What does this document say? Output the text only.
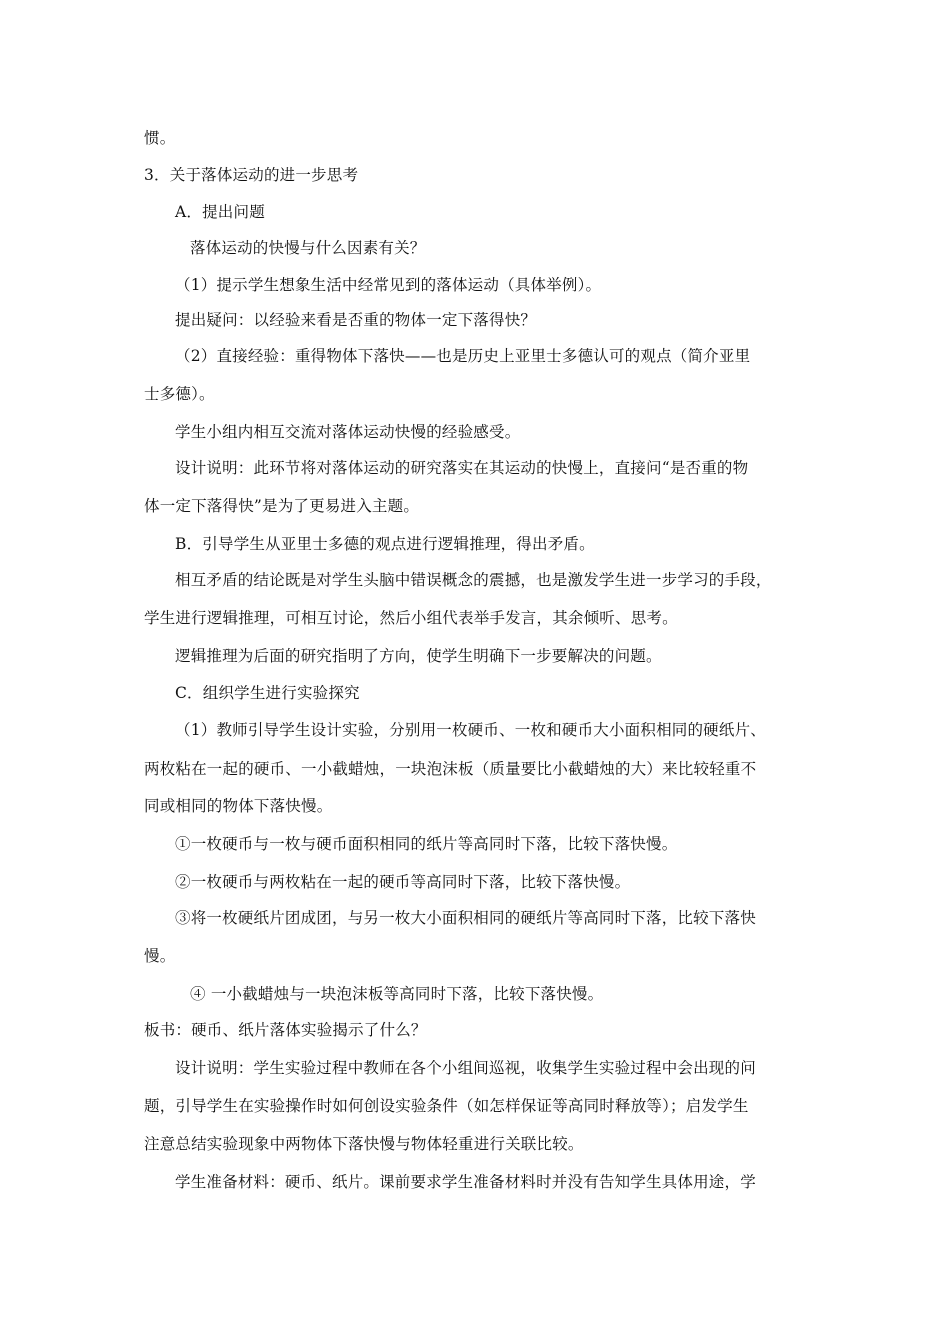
惯。
3．关于落体运动的进一步思考
A．提出问题
落体运动的快慢与什么因素有关？
（1）提示学生想象生活中经常见到的落体运动（具体举例）。
提出疑问：以经验来看是否重的物体一定下落得快？
（2）直接经验：重得物体下落快——也是历史上亚里士多德认可的观点（简介亚里
士多德）。
学生小组内相互交流对落体运动快慢的经验感受。
设计说明：此环节将对落体运动的研究落实在其运动的快慢上，直接问“是否重的物
体一定下落得快”是为了更易进入主题。
B．引导学生从亚里士多德的观点进行逻辑推理，得出矛盾。
相互矛盾的结论既是对学生头脑中错误概念的震撼，也是激发学生进一步学习的手段，
学生进行逻辑推理，可相互讨论，然后小组代表举手发言，其余倾听、思考。
逻辑推理为后面的研究指明了方向，使学生明确下一步要解决的问题。
C．组织学生进行实验探究
（1）教师引导学生设计实验，分别用一枚硬币、一枚和硬币大小面积相同的硬纸片、
两枚粘在一起的硬币、一小截蜡烛，一块泡沫板（质量要比小截蜡烛的大）来比较轻重不
同或相同的物体下落快慢。
①一枚硬币与一枚与硬币面积相同的纸片等高同时下落，比较下落快慢。
②一枚硬币与两枚粘在一起的硬币等高同时下落，比较下落快慢。
③将一枚硬纸片团成团，与另一枚大小面积相同的硬纸片等高同时下落，比较下落快
慢。
④ 一小截蜡烛与一块泡沫板等高同时下落，比较下落快慢。
板书：硬币、纸片落体实验揭示了什么？
设计说明：学生实验过程中教师在各个小组间巡视，收集学生实验过程中会出现的问
题，引导学生在实验操作时如何创设实验条件（如怎样保证等高同时释放等）；启发学生
注意总结实验现象中两物体下落快慢与物体轻重进行关联比较。
学生准备材料：硬币、纸片。课前要求学生准备材料时并没有告知学生具体用途，学
